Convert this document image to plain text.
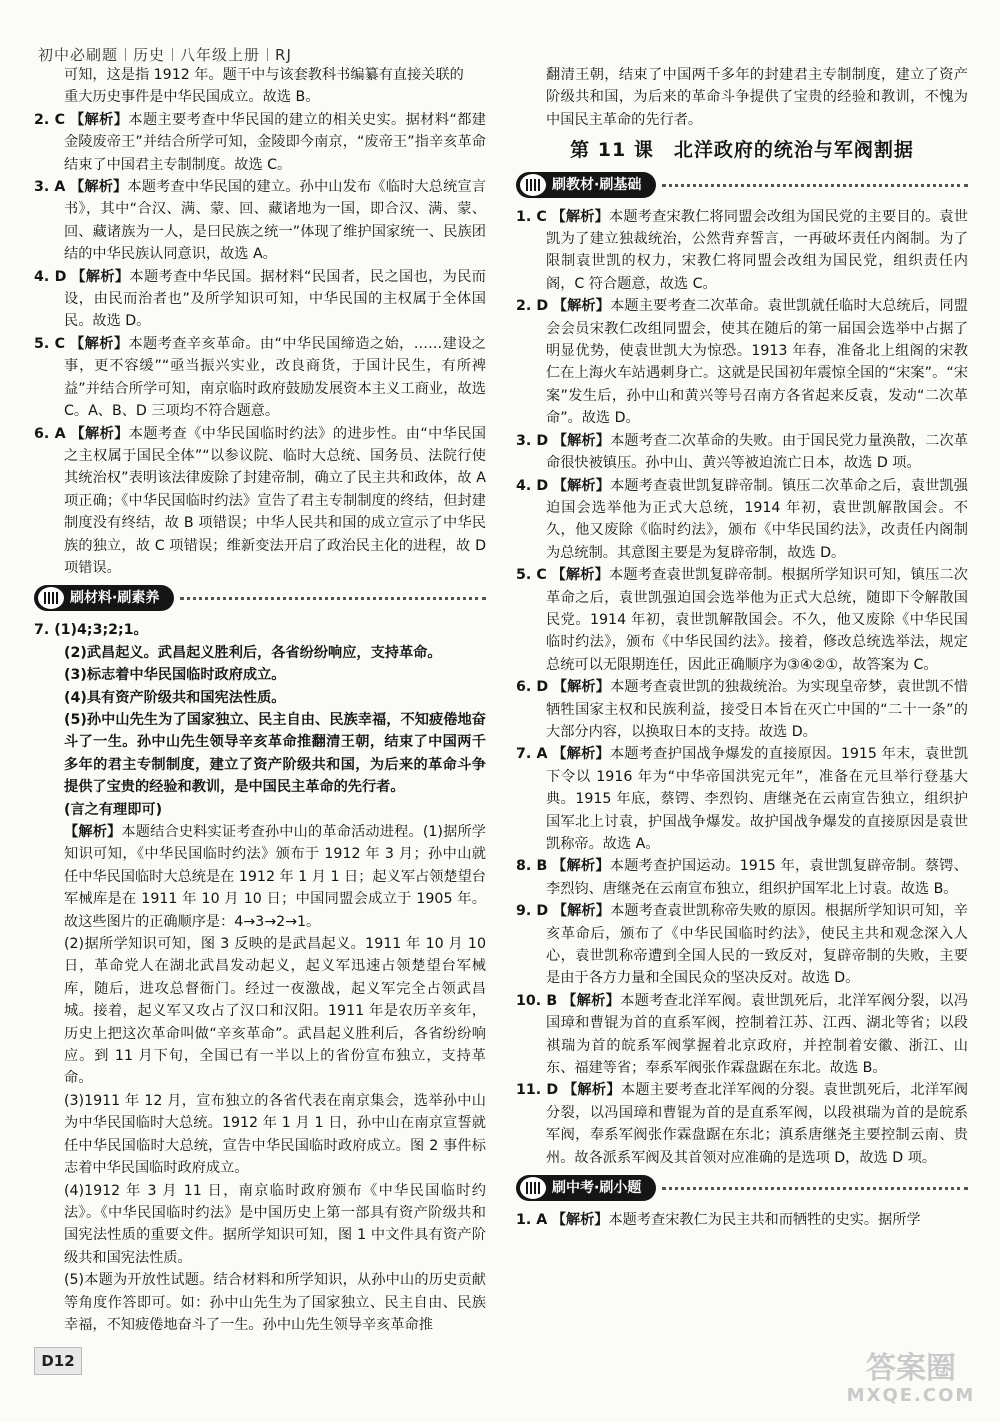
初中必刷题 历史 八年级上册 RJ

可知，这是指 1912 年。题干中与该套教科书编纂有直接关联的

重大历史事件是中华民国成立。故选 B。

2. C 【解析】本题主要考查中华民国的建立的相关史实。据材料“都建金陵废帝王”并结合所学可知，金陵即今南京，“废帝王”指辛亥革命结束了中国君主专制制度。故选 C。

3. A 【解析】本题考查中华民国的建立。孙中山发布《临时大总统宣言书》，其中“合汉、满、蒙、回、藏诸地为一国，即合汉、满、蒙、回、藏诸族为一人，是曰民族之统一”体现了维护国家统一、民族团结的中华民族认同意识，故选 A。

4. D 【解析】本题考查中华民国。据材料“民国者，民之国也，为民而设，由民而治者也”及所学知识可知，中华民国的主权属于全体国民。故选 D。

5. C 【解析】本题考查辛亥革命。由“中华民国缔造之始，……建设之事，更不容缓”“亟当振兴实业，改良商货，于国计民生，有所裨益”并结合所学可知，南京临时政府鼓励发展资本主义工商业，故选 C。A、B、D 三项均不符合题意。

6. A 【解析】本题考查《中华民国临时约法》的进步性。由“中华民国之主权属于国民全体”“以参议院、临时大总统、国务员、法院行使其统治权”表明该法律废除了封建帝制，确立了民主共和政体，故 A 项正确；《中华民国临时约法》宣告了君主专制制度的终结，但封建制度没有终结，故 B 项错误；中华人民共和国的成立宣示了中华民族的独立，故 C 项错误；维新变法开启了政治民主化的进程，故 D 项错误。

刷材料·刷素养

7. (1)4;3;2;1。

(2)武昌起义。武昌起义胜利后，各省纷纷响应，支持革命。

(3)标志着中华民国临时政府成立。

(4)具有资产阶级共和国宪法性质。

(5)孙中山先生为了国家独立、民主自由、民族幸福，不知疲倦地奋斗了一生。孙中山先生领导辛亥革命推翻清王朝，结束了中国两千多年的君主专制制度，建立了资产阶级共和国，为后来的革命斗争提供了宝贵的经验和教训，是中国民主革命的先行者。

(言之有理即可)

【解析】本题结合史料实证考查孙中山的革命活动进程。(1)据所学知识可知，《中华民国临时约法》颁布于 1912 年 3 月；孙中山就任中华民国临时大总统是在 1912 年 1 月 1 日；起义军占领楚望台军械库是在 1911 年 10 月 10 日；中国同盟会成立于 1905 年。故这些图片的正确顺序是：4→3→2→1。

(2)据所学知识可知，图 3 反映的是武昌起义。1911 年 10 月 10 日，革命党人在湖北武昌发动起义，起义军迅速占领楚望台军械库，随后，进攻总督衙门。经过一夜激战，起义军完全占领武昌城。接着，起义军又攻占了汉口和汉阳。1911 年是农历辛亥年，历史上把这次革命叫做“辛亥革命”。武昌起义胜利后，各省纷纷响应。到 11 月下旬，全国已有一半以上的省份宣布独立，支持革命。

(3)1911 年 12 月，宣布独立的各省代表在南京集会，选举孙中山为中华民国临时大总统。1912 年 1 月 1 日，孙中山在南京宣誓就任中华民国临时大总统，宣告中华民国临时政府成立。图 2 事件标志着中华民国临时政府成立。

(4)1912 年 3 月 11 日，南京临时政府颁布《中华民国临时约法》。《中华民国临时约法》是中国历史上第一部具有资产阶级共和国宪法性质的重要文件。据所学知识可知，图 1 中文件具有资产阶级共和国宪法性质。

(5)本题为开放性试题。结合材料和所学知识，从孙中山的历史贡献等角度作答即可。如：孙中山先生为了国家独立、民主自由、民族幸福，不知疲倦地奋斗了一生。孙中山先生领导辛亥革命推

翻清王朝，结束了中国两千多年的封建君主专制制度，建立了资产阶级共和国，为后来的革命斗争提供了宝贵的经验和教训，不愧为中国民主革命的先行者。

第 11 课　北洋政府的统治与军阀割据
刷教材·刷基础

1. C 【解析】本题考查宋教仁将同盟会改组为国民党的主要目的。袁世凯为了建立独裁统治，公然背弃誓言，一再破坏责任内阁制。为了限制袁世凯的权力，宋教仁将同盟会改组为国民党，组织责任内阁，C 符合题意，故选 C。

2. D 【解析】本题主要考查二次革命。袁世凯就任临时大总统后，同盟会会员宋教仁改组同盟会，使其在随后的第一届国会选举中占据了明显优势，使袁世凯大为惊恐。1913 年春，准备北上组阁的宋教仁在上海火车站遇刺身亡。这就是民国初年震惊全国的“宋案”。“宋案”发生后，孙中山和黄兴等号召南方各省起来反袁，发动“二次革命”。故选 D。

3. D 【解析】本题考查二次革命的失败。由于国民党力量涣散，二次革命很快被镇压。孙中山、黄兴等被迫流亡日本，故选 D 项。

4. D 【解析】本题考查袁世凯复辟帝制。镇压二次革命之后，袁世凯强迫国会选举他为正式大总统，1914 年初，袁世凯解散国会。不久，他又废除《临时约法》，颁布《中华民国约法》，改责任内阁制为总统制。其意图主要是为复辟帝制，故选 D。

5. C 【解析】本题考查袁世凯复辟帝制。根据所学知识可知，镇压二次革命之后，袁世凯强迫国会选举他为正式大总统，随即下令解散国民党。1914 年初，袁世凯解散国会。不久，他又废除《中华民国临时约法》，颁布《中华民国约法》。接着，修改总统选举法，规定总统可以无限期连任，因此正确顺序为③④②①，故答案为 C。

6. D 【解析】本题考查袁世凯的独裁统治。为实现皇帝梦，袁世凯不惜牺牲国家主权和民族利益，接受日本旨在灭亡中国的“二十一条”的大部分内容，以换取日本的支持。故选 D。

7. A 【解析】本题考查护国战争爆发的直接原因。1915 年末，袁世凯下令以 1916 年为“中华帝国洪宪元年”，准备在元旦举行登基大典。1915 年底，蔡锷、李烈钧、唐继尧在云南宣告独立，组织护国军北上讨袁，护国战争爆发。故护国战争爆发的直接原因是袁世凯称帝。故选 A。

8. B 【解析】本题考查护国运动。1915 年，袁世凯复辟帝制。蔡锷、李烈钧、唐继尧在云南宣布独立，组织护国军北上讨袁。故选 B。

9. D 【解析】本题考查袁世凯称帝失败的原因。根据所学知识可知，辛亥革命后，颁布了《中华民国临时约法》，使民主共和观念深入人心，袁世凯称帝遭到全国人民的一致反对，复辟帝制的失败，主要是由于各方力量和全国民众的坚决反对。故选 D。

10. B 【解析】本题考查北洋军阀。袁世凯死后，北洋军阀分裂，以冯国璋和曹锟为首的直系军阀，控制着江苏、江西、湖北等省；以段祺瑞为首的皖系军阀掌握着北京政府，并控制着安徽、浙江、山东、福建等省；奉系军阀张作霖盘踞在东北。故选 B。

11. D 【解析】本题主要考查北洋军阀的分裂。袁世凯死后，北洋军阀分裂，以冯国璋和曹锟为首的是直系军阀，以段祺瑞为首的是皖系军阀，奉系军阀张作霖盘踞在东北；滇系唐继尧主要控制云南、贵州。故各派系军阀及其首领对应准确的是选项 D，故选 D 项。

刷中考·刷小题

1. A 【解析】本题考查宋教仁为民主共和而牺牲的史实。据所学

D12	答案圈
MXQE.COM
